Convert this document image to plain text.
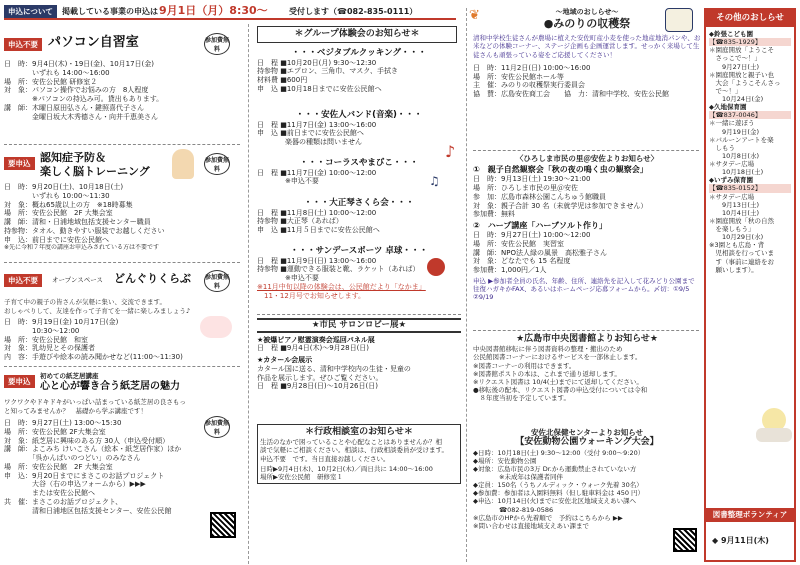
申込について	掲載している事業の申込は 9月1日（月）8:30～	受付します（☎082-835-0111）
申込不要 パソコン自習室	参加費無料
日　時：9月4日(木)・19日(金)、10月17日(金)
　　　　いずれも 14:00～16:00
場　所：安佐公民館 研修室２
対　象：パソコン操作でお悩みの方　8人程度
　　　　※パソコンの持込み可。貸出もあります。
講　師：木曜日原田弘さん・鍵照喜代子さん
　　　　金曜日坂大木秀德さん・向井千恵美さん
要申込 認知症予防＆
楽しく脳トレーニング
参加費無料
日　時：9月20日(土)、10月18日(土)
　　　　いずれも 10:00～11:30
対　象：概ね65歳以上の方　※18時募集
場　所：安佐公民館　2F 大集会室
講　師：清和・日浦地域包括支援センター職員
持参物：タオル、動きやすい服装でお越しください
申　込：前日までに安佐公民館へ
※先に今和７年度の講座お申込みされている方は不要です
申込不要	オープンスペース どんぐりくらぶ 参加費無料
子育て中の親子の皆さんが気軽に集い、交流できます。
おしゃべりして、友達を作って子育てを一緒に楽しみましょう♪
日　時：9月19日(金) 10月17日(金)
　　　　10:30～12:00
場　所：安佐公民館　和室
対　象：乳幼児とその保護者
内　容：手遊びや絵本の読み聞かせなど(11:00～11:30)
要申込
初めての紙芝居講座
心と心が響き合う紙芝居の魅力
ワクワクやドキドキがいっぱい詰まっている紙芝居の良さもっ
と知ってみませんか？　基礎から学ぶ講座です！
参加費無料
日　時：9月27日(土) 13:00～15:30
場　所：安佐公民館 2F大集会室
対　象：紙芝居に興味のある方 30人（申込受付順）
講　師：よこみち けいこさん（絵本・紙芝居作家）ほか
　　　　「呉かんばいのつどい」のみなさん
場　所：安佐公民館　2F 大集会室
申　込：9月20日までにまさこのお話プロジェクト
　　　　大谷（右の申込フォームから）▶▶▶
　　　　または安佐公民館へ
共　催：まさこのお話プロジェクト、
　　　　清和日浦地区包括支援センター、安佐公民館
＊グループ体験会のお知らせ＊
・・・ベジタブルクッキング・・・
日　程 ■10月20日(月) 9:30～12:30
持参物 ■エプロン、三角巾、マスク、手拭き
材料費 ■600円
申　込 ■10月18日までに安佐公民館へ
・・・安佐人バンド(音楽)・・・
日　程 ■11月7日(金) 13:00～16:00
申　込 ■前日までに安佐公民館へ
　　　　楽器の種類は問いません
・・・コーラスやまびこ・・・
日　程 ■11月7日(金) 10:00～12:00
　　　　※申込不要
♪
♫
・・・大正琴さくら会・・・
日　程 ■11月8日(土) 10:00～12:00
持参物 ■大正琴（あれば）
申　込 ■11月５日までに安佐公民館へ
・・・サンデースポーツ 卓球・・・
日　程 ■11月9日(日) 13:00～16:00
持参物 ■運動できる服装と靴、ラケット（あれば）
　　　　※申込不要
※11月中旬以降の体験会は、公民館だより「なかま」
　11・12月号でお知らせします。
★市民 サロンロビー展★
★被爆ピアノ慰霊演奏会巡回パネル展
日　程 ■9月4日(木)～9月28日(日)
★カタール会展示
カタール国に送る、清和中学校内の生徒・児童の
作品を展示します。ぜひご覧ください。
日　程 ■9月28日(日)～10月26日(日)
＊行政相談室のお知らせ＊
生活のなかで困っていることや心配なことはありませんか？相
談で気軽にご相談ください。相談は、行政相談委員が受けます。
申込不要　です。当日直接お越しください。
日時▶9月4日(木)、10月2日(木)／両日共に 14:00～16:00
場所▶安佐公民館　研修室１
～地域のおしらせ～
●みのりの収穫祭
清和中学校生徒さんが農場に植えた安佐町産小麦を使った地産地消パンや、お米などの体験コーナー、ステージ企画も企画運営します。せっかく来場して生徒さんも頑張っている姿をご応援してください！
日　時：11月2日(日) 10:00～16:00
場　所：安佐公民館ホール等
主　催：みのりの収穫祭実行委員会
協　賛：広島安佐商工会　　協　力：清和中学校、安佐公民館
❦
〈ひろしま市民の里＠安佐よりお知らせ〉
①　親子自然観察会「秋の夜の鳴く虫の観察会」
日　時：9月13日(土) 19:30～21:00
場　所：ひろしま市民の里＠安佐
参　加：広島市森林公園こんちゅう館職員
対　象：親子合計 30 名（未就学児は参加できません）
参加費：無料
②　ハープ講座「ハーブソルト作り」
日　時：9月27日(土) 10:00～12:00
場　所：安佐公民館　実習室
講　師：NPO法人緑の風景　高松雅子さん
対　象：どなたでも 15 名程度
参加費：1,000円／1人
申込 ▶参加者全員の氏名、年齢、住所、連絡先を記入して花みどり公園まで往復ハガキかFAX、あるいはホームページ応募フォームから。〆切：①9/5 ②9/19
★広島市中央図書館よりお知らせ★
中央図書館移転に伴う図書資料の整理・搬出のため
公民館図書コーナーにおけるサービスを一部休止します。
※図書コーナーの利用はできます。
※図書館ポストの本は、これまで通り返却します。
※リクエスト図書は 10/4(土)までにて返却してください。
●移転後の配本、リクエスト図書の申込受付については令和
　８年度当初を予定しています。
安佐北保健センターよりお知らせ
【安佐動物公園ウォーキング大会】
◆日時：10月18日(土) 9:30～12:00（受付 9:00～9:20）
◆場所：安佐動物公園
◆対象：広島市民の3万 Dr.から運動禁止されていない方
　　　　※未成年は保護者同伴
◆定員：150名（うちノルディック・ウォーク先着 30名）
◆参加費：参加者は入園料無料（但し駐車料金は 450 円）
◆申込：10月14日(火)までに安佐北区地域支えあい課へ
　　　　☎082-819-0586
※広島市のHPから先着順で　予約はこちらから ▶▶
※問い合わせは直接地域支えあい課まで
その他のおしらせ
◆鈴張こども園
【☎835-1929】
＊園庭開放「ようこそ
　さっこで～！」
　　9月27日(土)
＊園庭開放と親子い也
　大会「ようこそんさっ
　で～！」
　　10月24日(金)
◆久地保育園
【☎837-0046】
＊一緒に遊ぼう
　　9月19日(金)
＊バルーンアートを楽
　しもう
　　10月8日(水)
＊サタデー広場
　　10月18日(土)
◆いずみ保育園
【☎835-0152】
＊サタデー広場
　　9月13日(土)
　　10月4日(土)
＊園庭開放「秋の自然
　を楽しもう」
　　10月29日(水)
※3園とも広島・背
　児相談を行っていま
　す（事前に連絡をお
　願いします）。
図書整理ボランティア
◆ 9月11日(木)
